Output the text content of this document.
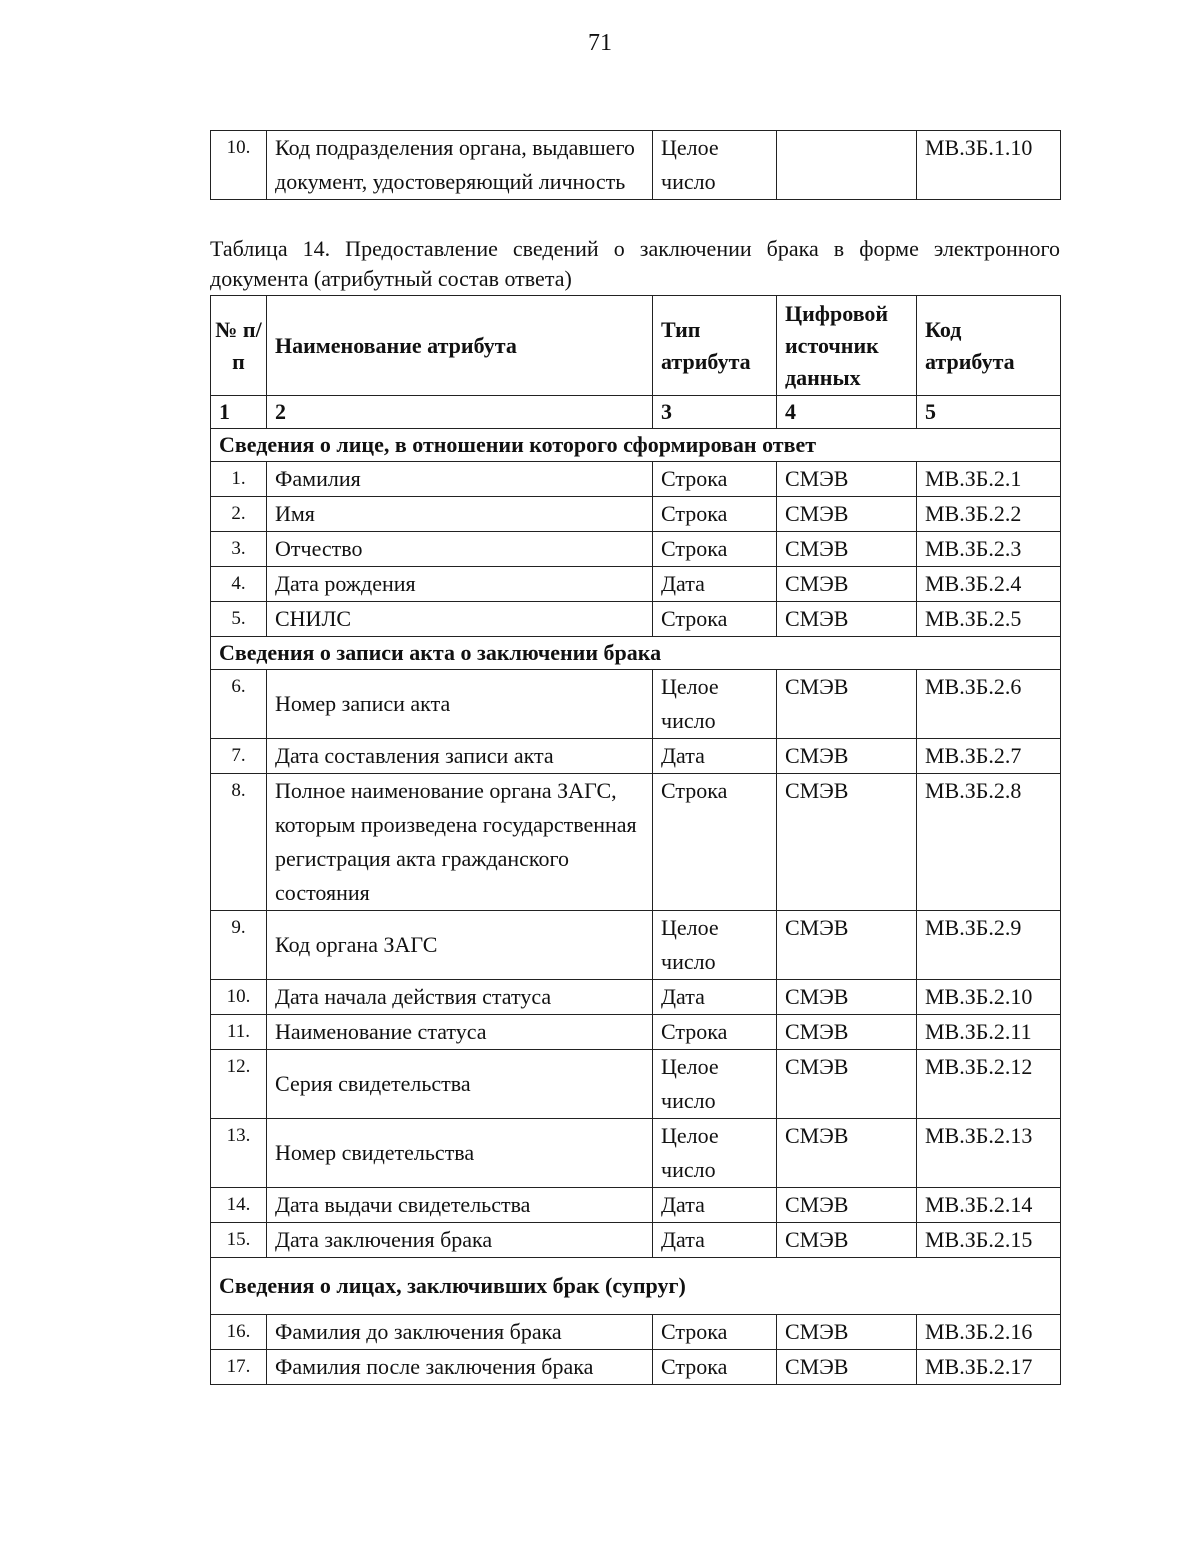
71
10.	Код подразделения органа, выдавшего документ, удостоверяющий личность	Целое число		МВ.ЗБ.1.10
Таблица 14. Предоставление сведений о заключении брака в форме электронного документа (атрибутный состав ответа)
№ п/п	Наименование атрибута	Тип атрибута	Цифровой источник данных	Код атрибута
1	2	3	4	5
Сведения о лице, в отношении которого сформирован ответ				
1.	Фамилия	Строка	СМЭВ	МВ.ЗБ.2.1
2.	Имя	Строка	СМЭВ	МВ.ЗБ.2.2
3.	Отчество	Строка	СМЭВ	МВ.ЗБ.2.3
4.	Дата рождения	Дата	СМЭВ	МВ.ЗБ.2.4
5.	СНИЛС	Строка	СМЭВ	МВ.ЗБ.2.5
Сведения о записи акта о заключении брака				
6.	Номер записи акта	Целое число	СМЭВ	МВ.ЗБ.2.6
7.	Дата составления записи акта	Дата	СМЭВ	МВ.ЗБ.2.7
8.	Полное наименование органа ЗАГС, которым произведена государственная регистрация акта гражданского состояния	Строка	СМЭВ	МВ.ЗБ.2.8
9.	Код органа ЗАГС	Целое число	СМЭВ	МВ.ЗБ.2.9
10.	Дата начала действия статуса	Дата	СМЭВ	МВ.ЗБ.2.10
11.	Наименование статуса	Строка	СМЭВ	МВ.ЗБ.2.11
12.	Серия свидетельства	Целое число	СМЭВ	МВ.ЗБ.2.12
13.	Номер свидетельства	Целое число	СМЭВ	МВ.ЗБ.2.13
14.	Дата выдачи свидетельства	Дата	СМЭВ	МВ.ЗБ.2.14
15.	Дата заключения брака	Дата	СМЭВ	МВ.ЗБ.2.15
Сведения о лицах, заключивших брак (супруг)				
16.	Фамилия до заключения брака	Строка	СМЭВ	МВ.ЗБ.2.16
17.	Фамилия после заключения брака	Строка	СМЭВ	МВ.ЗБ.2.17
